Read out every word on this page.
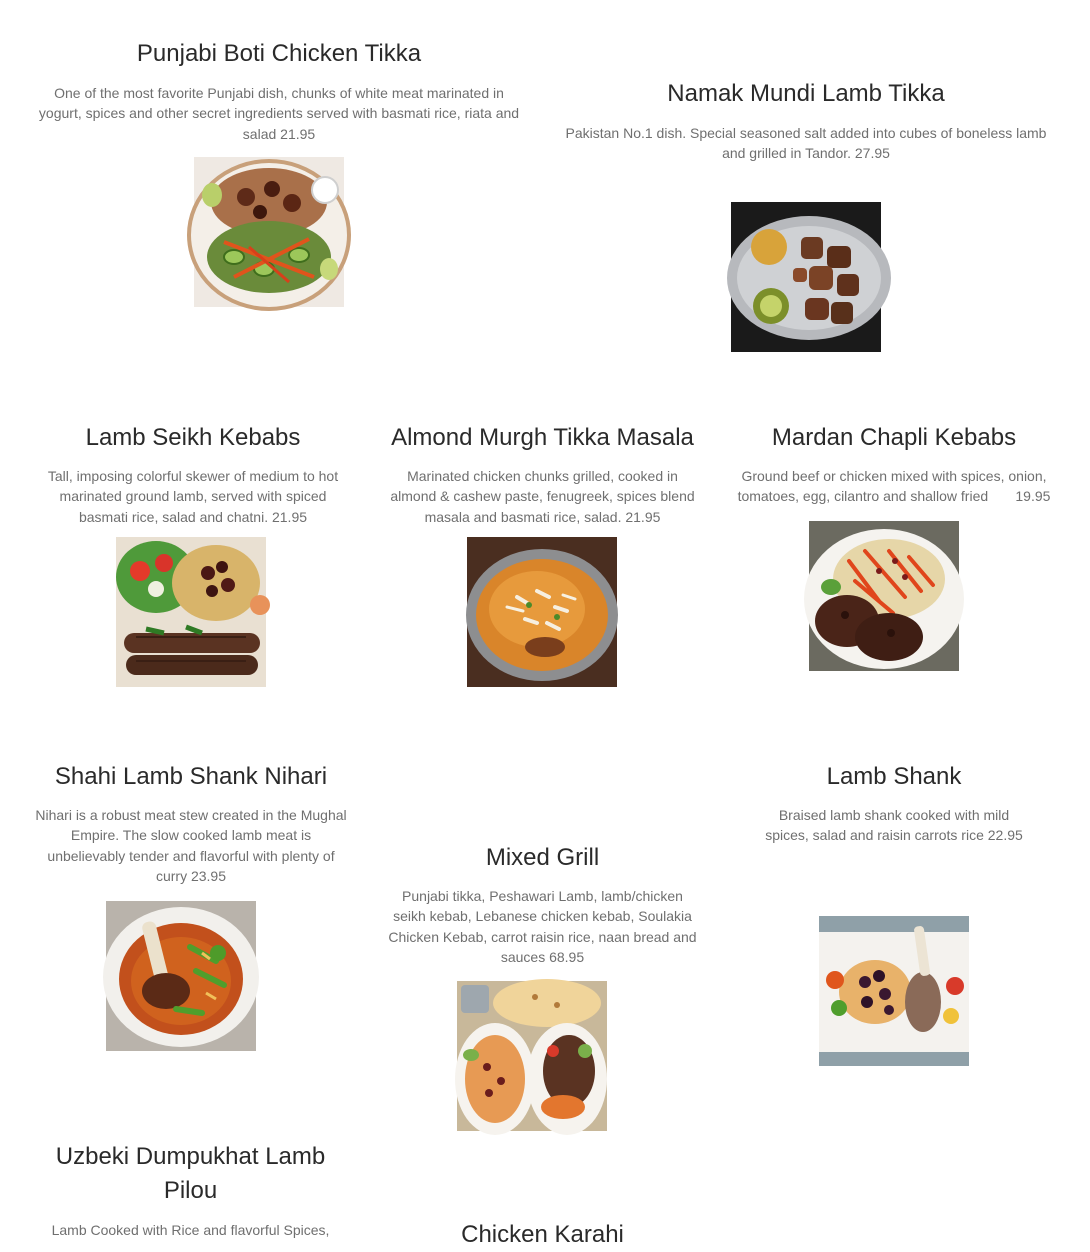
Punjabi Boti Chicken Tikka

One of the most favorite Punjabi dish, chunks of white meat marinated in yogurt, spices and other secret ingredients served with basmati rice, riata and salad 21.95

Namak Mundi Lamb Tikka

Pakistan No.1 dish. Special seasoned salt added into cubes of boneless lamb and grilled in Tandor. 27.95

Lamb Seikh Kebabs

Tall, imposing colorful skewer of medium to hot marinated ground lamb, served with spiced basmati rice, salad and chatni. 21.95

Almond Murgh Tikka Masala

Marinated chicken chunks grilled, cooked in almond & cashew paste, fenugreek, spices blend masala and basmati rice, salad. 21.95

Mardan Chapli Kebabs

Ground beef or chicken mixed with spices, onion, tomatoes, egg, cilantro and shallow fried       19.95

Shahi Lamb Shank Nihari

Nihari is a robust meat stew created in the Mughal Empire. The slow cooked lamb meat is unbelievably tender and flavorful with plenty of curry 23.95

Mixed Grill

Punjabi tikka, Peshawari Lamb, lamb/chicken seikh kebab, Lebanese chicken kebab, Soulakia Chicken Kebab, carrot raisin rice, naan bread and sauces 68.95

Lamb Shank

Braised lamb shank cooked with mild spices, salad and raisin carrots rice 22.95

Uzbeki Dumpukhat Lamb Pilou

Lamb Cooked with Rice and flavorful Spices,	Chicken Karahi
